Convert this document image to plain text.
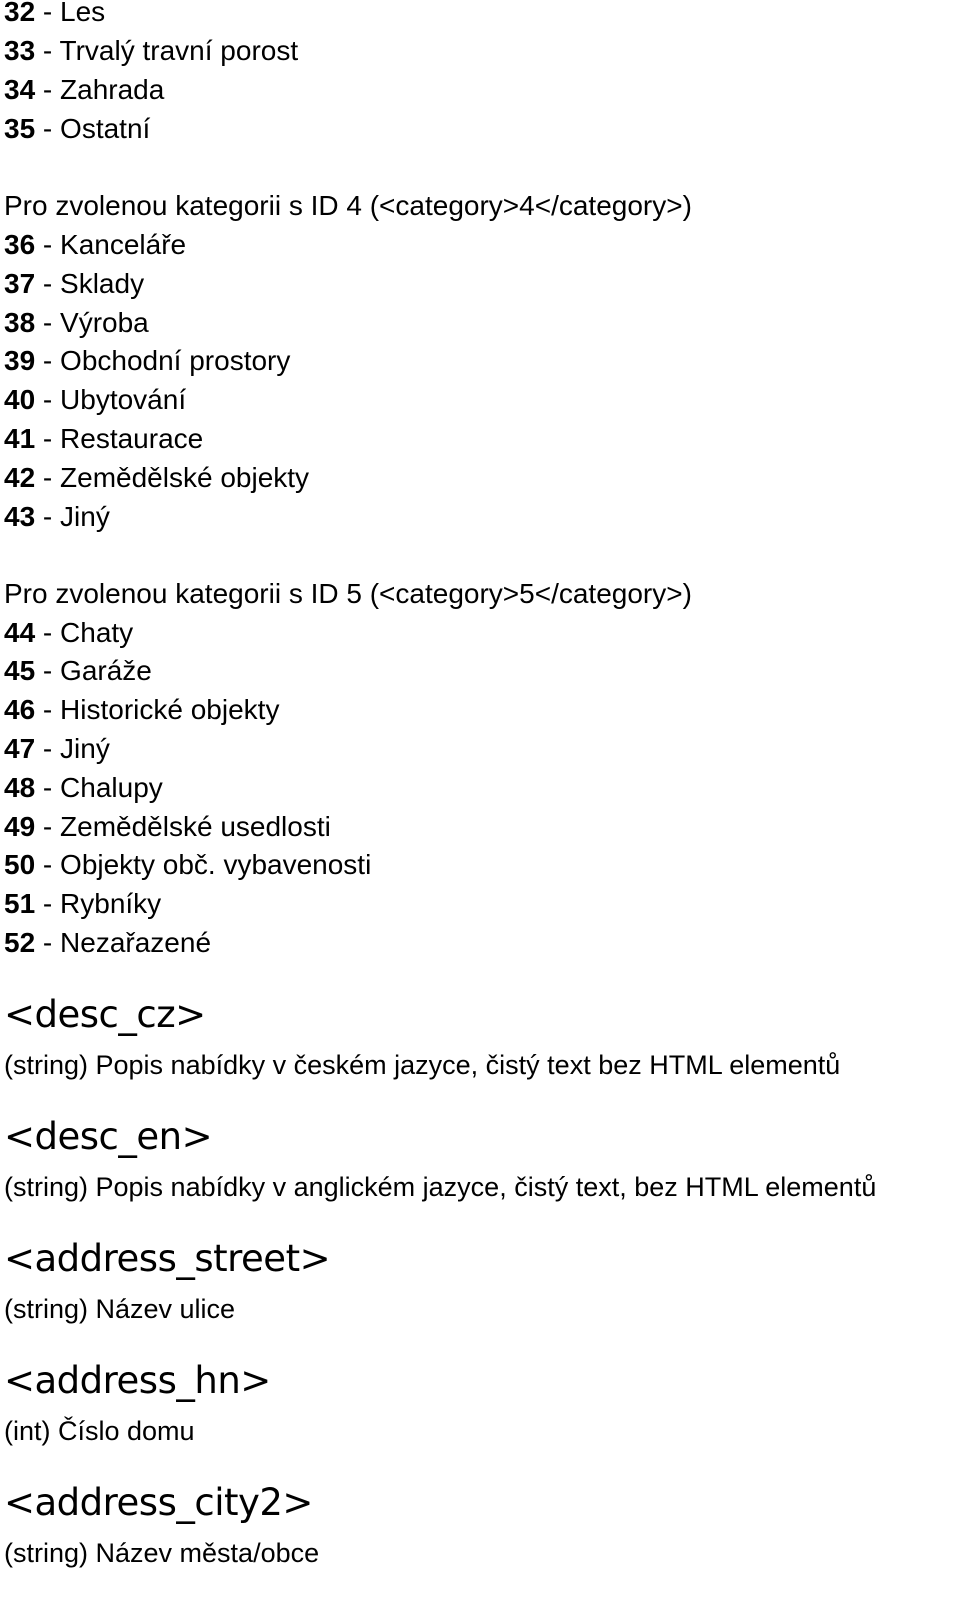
32 - Les
33 - Trvalý travní porost
34 - Zahrada
35 - Ostatní
Pro zvolenou kategorii s ID 4 (<category>4</category>)
36 - Kanceláře
37 - Sklady
38 - Výroba
39 - Obchodní prostory
40 - Ubytování
41 - Restaurace
42 - Zemědělské objekty
43 - Jiný
Pro zvolenou kategorii s ID 5 (<category>5</category>)
44 - Chaty
45 - Garáže
46 - Historické objekty
47 - Jiný
48 - Chalupy
49 - Zemědělské usedlosti
50 - Objekty obč. vybavenosti
51 - Rybníky
52 - Nezařazené
<desc_cz>
(string) Popis nabídky v českém jazyce, čistý text bez HTML elementů
<desc_en>
(string) Popis nabídky v anglickém jazyce, čistý text, bez HTML elementů
<address_street>
(string) Název ulice
<address_hn>
(int) Číslo domu
<address_city2>
(string) Název města/obce
